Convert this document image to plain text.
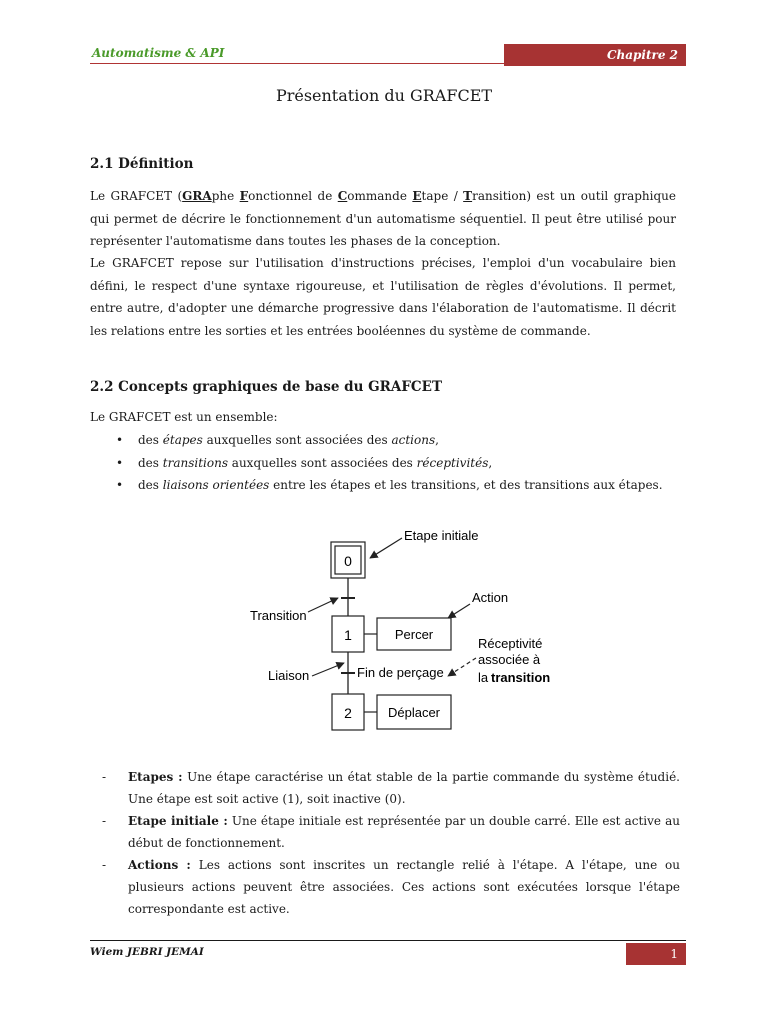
Automatisme & API	Chapitre 2
Présentation du GRAFCET
2.1 Définition

Le GRAFCET (GRAphe Fonctionnel de Commande Etape / Transition) est un outil graphique qui permet de décrire le fonctionnement d'un automatisme séquentiel. Il peut être utilisé pour représenter l'automatisme dans toutes les phases de la conception.

Le GRAFCET repose sur l'utilisation d'instructions précises, l'emploi d'un vocabulaire bien défini, le respect d'une syntaxe rigoureuse, et l'utilisation de règles d'évolutions. Il permet, entre autre, d'adopter une démarche progressive dans l'élaboration de l'automatisme. Il décrit les relations entre les sorties et les entrées booléennes du système de commande.

2.2 Concepts graphiques de base du GRAFCET

Le GRAFCET est un ensemble:

• des étapes auxquelles sont associées des actions,
• des transitions auxquelles sont associées des réceptivités,
• des liaisons orientées entre les étapes et les transitions, et des transitions aux étapes.
0
1	Percer
2	Déplacer
Etape initiale
Transition
Action
Liaison	Fin de perçage
Réceptivité
associée à
la transition
- Etapes : Une étape caractérise un état stable de la partie commande du système étudié. Une étape est soit active (1), soit inactive (0).
- Etape initiale : Une étape initiale est représentée par un double carré. Elle est active au début de fonctionnement.
- Actions : Les actions sont inscrites un rectangle relié à l'étape. A l'étape, une ou plusieurs actions peuvent être associées. Ces actions sont exécutées lorsque l'étape correspondante est active.
Wiem JEBRI JEMAI	1
